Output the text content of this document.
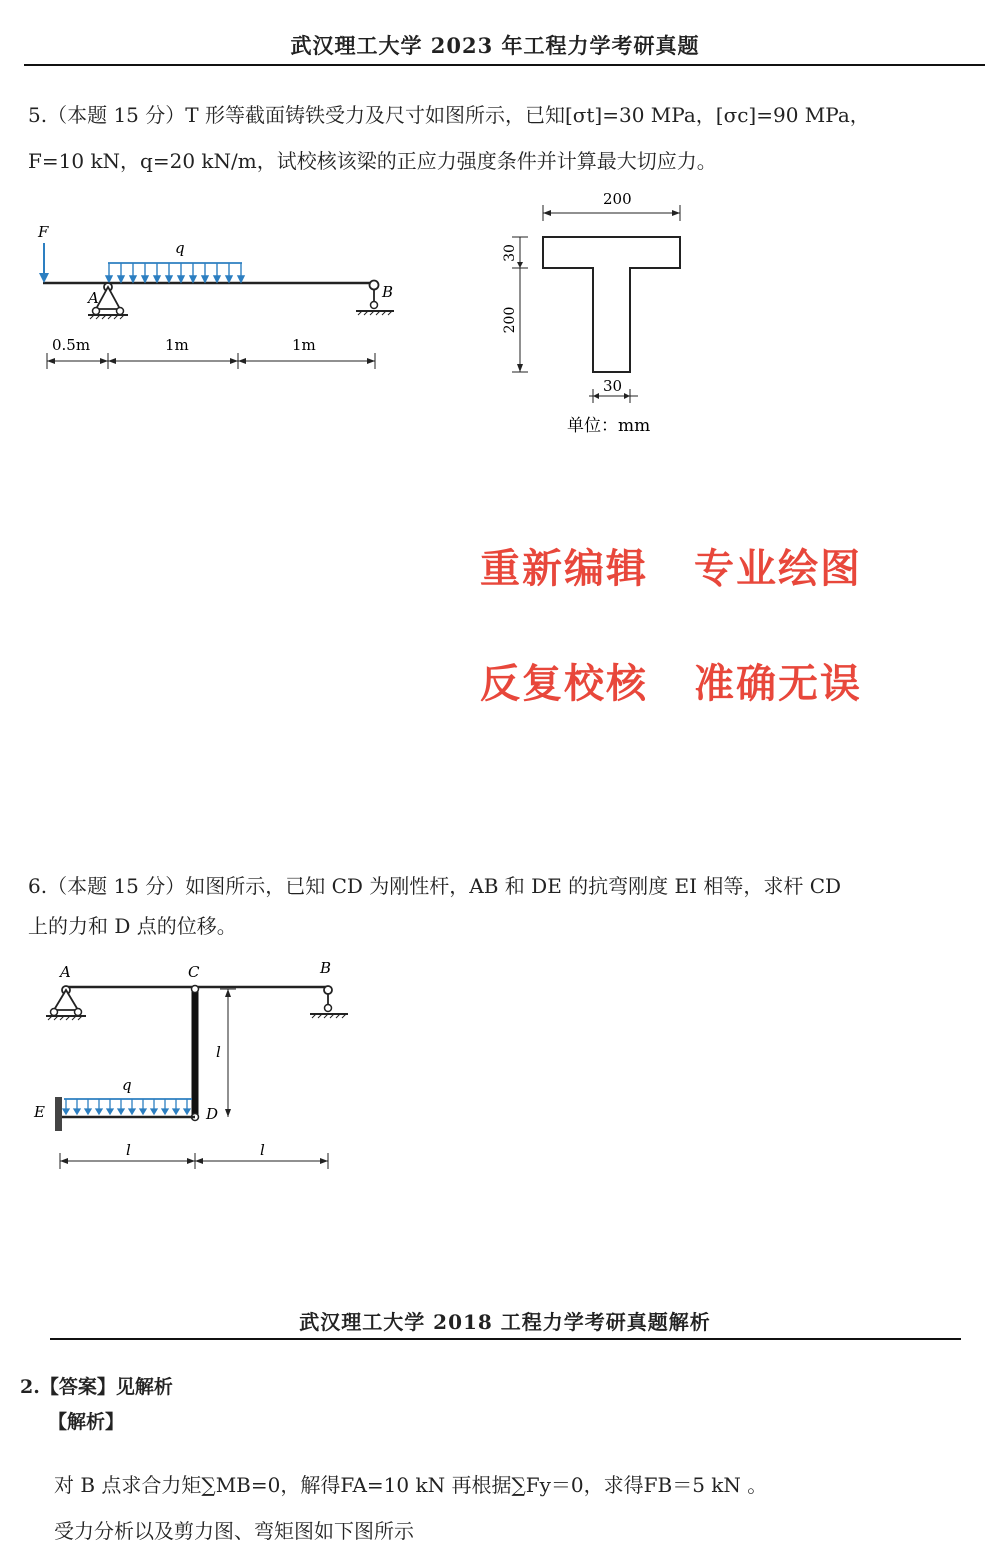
武汉理工大学 2023 年工程力学考研真题
5.（本题 15 分）T 形等截面铸铁受力及尺寸如图所示，已知[σt]=30 MPa，[σc]=90 MPa，
F=10 kN，q=20 kN/m，试校核该梁的正应力强度条件并计算最大切应力。
F
q
A	B
0.5m	1m	1m
200
30
200
30
单位：mm
重新编辑 专业绘图
反复校核 准确无误
6.（本题 15 分）如图所示，已知 CD 为刚性杆，AB 和 DE 的抗弯刚度 EI 相等，求杆 CD
上的力和 D 点的位移。
A	C	B
D
l
E
q
l	l
武汉理工大学 2018 工程力学考研真题解析
2.【答案】见解析
【解析】
对 B 点求合力矩∑MB=0，解得FA=10 kN 再根据∑Fy＝0，求得FB＝5 kN 。
受力分析以及剪力图、弯矩图如下图所示
